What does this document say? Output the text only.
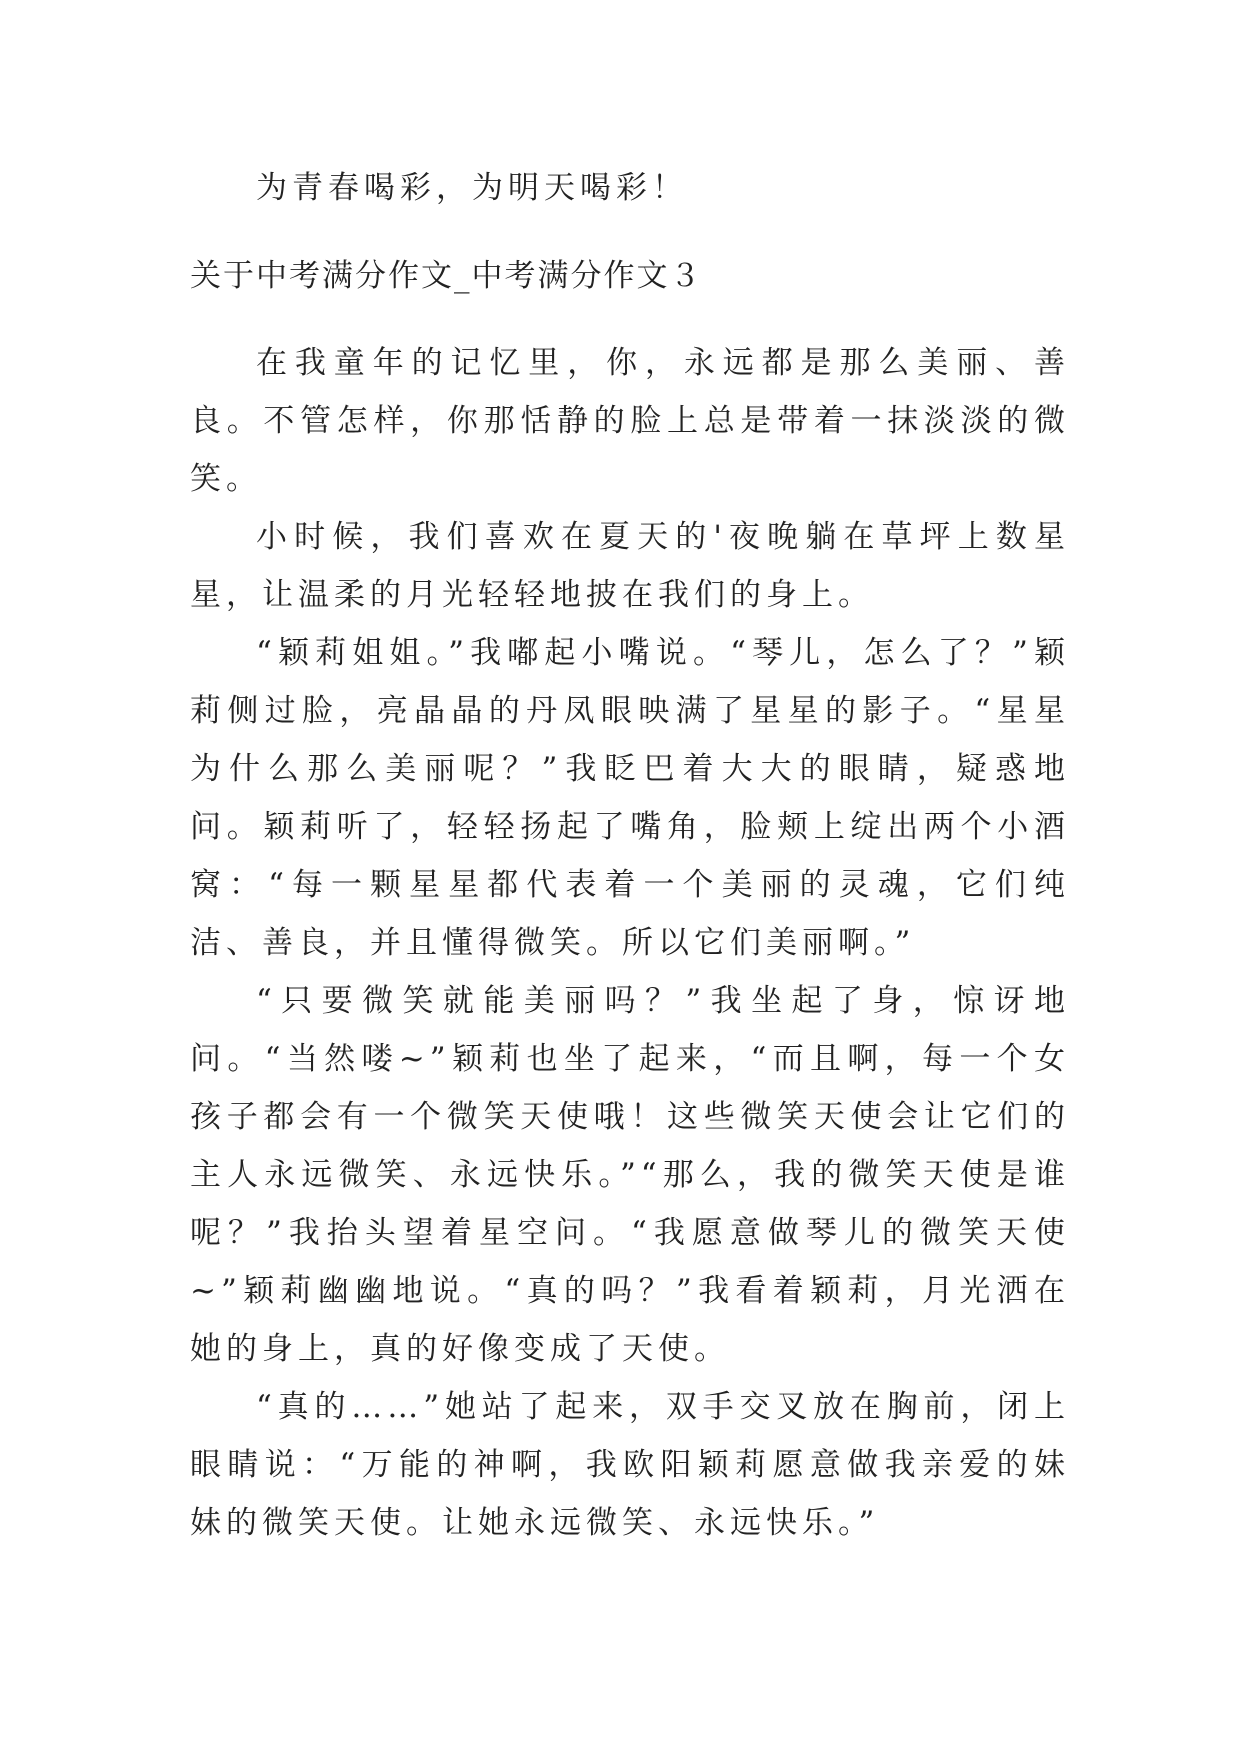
为青春喝彩，为明天喝彩！

关于中考满分作文_中考满分作文３

在我童年的记忆里，你，永远都是那么美丽、善良。不管怎样，你那恬静的脸上总是带着一抹淡淡的微笑。

小时候，我们喜欢在夏天的'夜晚躺在草坪上数星星，让温柔的月光轻轻地披在我们的身上。

“颖莉姐姐。”我嘟起小嘴说。“琴儿，怎么了？”颖莉侧过脸，亮晶晶的丹凤眼映满了星星的影子。“星星为什么那么美丽呢？”我眨巴着大大的眼睛，疑惑地问。颖莉听了，轻轻扬起了嘴角，脸颊上绽出两个小酒窝：“每一颗星星都代表着一个美丽的灵魂，它们纯洁、善良，并且懂得微笑。所以它们美丽啊。”

“只要微笑就能美丽吗？”我坐起了身，惊讶地问。“当然喽~”颖莉也坐了起来，“而且啊，每一个女孩子都会有一个微笑天使哦！这些微笑天使会让它们的主人永远微笑、永远快乐。”“那么，我的微笑天使是谁呢？”我抬头望着星空问。“我愿意做琴儿的微笑天使~”颖莉幽幽地说。“真的吗？”我看着颖莉，月光洒在她的身上，真的好像变成了天使。

“真的……”她站了起来，双手交叉放在胸前，闭上眼睛说：“万能的神啊，我欧阳颖莉愿意做我亲爱的妹妹的微笑天使。让她永远微笑、永远快乐。”
